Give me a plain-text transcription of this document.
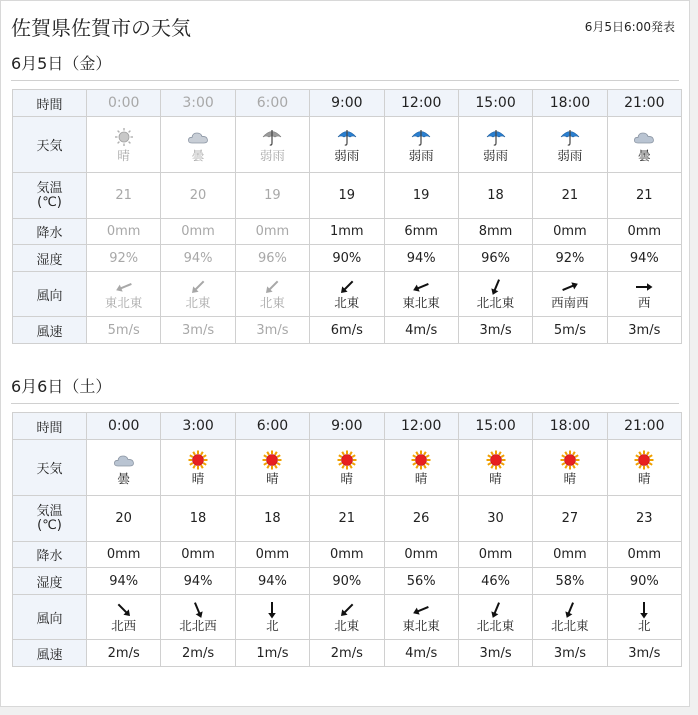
佐賀県佐賀市の天気	6月5日6:00発表
6月5日（金）
時間	0:00	3:00	6:00	9:00	12:00	15:00	18:00	21:00
天気	晴	曇	弱雨	弱雨	弱雨	弱雨	弱雨	曇

気温
(℃)	21	20	19	19	19	18	21	21
降水	0mm	0mm	0mm	1mm	6mm	8mm	0mm	0mm
湿度	92%	94%	96%	90%	94%	96%	92%	94%
風向	東北東	北東	北東	北東	東北東	北北東	西南西	西

風速	5m/s	3m/s	3m/s	6m/s	4m/s	3m/s	5m/s	3m/s
6月6日（土）
時間	0:00	3:00	6:00	9:00	12:00	15:00	18:00	21:00
天気	曇	晴	晴	晴	晴	晴	晴	晴

気温
(℃)	20	18	18	21	26	30	27	23
降水	0mm	0mm	0mm	0mm	0mm	0mm	0mm	0mm
湿度	94%	94%	94%	90%	56%	46%	58%	90%
風向	北西	北北西	北	北東	東北東	北北東	北北東	北

風速	2m/s	2m/s	1m/s	2m/s	4m/s	3m/s	3m/s	3m/s
